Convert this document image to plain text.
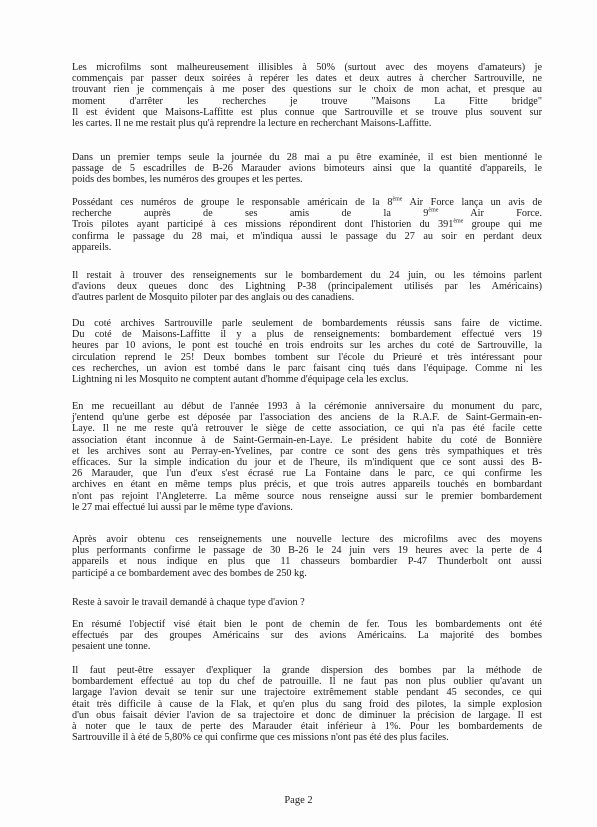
Les microfilms sont malheureusement illisibles à 50% (surtout avec des moyens d'amateurs) je
commençais par passer deux soirées à repérer les dates et deux autres à chercher Sartrouville, ne
trouvant rien je commençais à me poser des questions sur le choix de mon achat, et presque au
moment d'arrêter les recherches je trouve "Maisons La Fitte bridge"
Il est évident que Maisons-Laffitte est plus connue que Sartrouville et se trouve plus souvent sur
les cartes. Il ne me restait plus qu'à reprendre la lecture en recherchant Maisons-Laffitte.
Dans un premier temps seule la journée du 28 mai a pu être examinée, il est bien mentionné le
passage de 5 escadrilles de B-26 Marauder avions bimoteurs ainsi que la quantité d'appareils, le
poids des bombes, les numéros des groupes et les pertes.
Possédant ces numéros de groupe le responsable américain de la 8ème Air Force lança un avis de
recherche auprès de ses amis de la 9ème Air Force.
Trois pilotes ayant participé à ces missions répondirent dont l'historien du 391ème groupe qui me
confirma le passage du 28 mai, et m'indiqua aussi le passage du 27 au soir en perdant deux
appareils.
Il restait à trouver des renseignements sur le bombardement du 24 juin, ou les témoins parlent
d'avions deux queues donc des Lightning P-38 (principalement utilisés par les Américains)
d'autres parlent de Mosquito piloter par des anglais ou des canadiens.
Du coté archives Sartrouville parle seulement de bombardements réussis sans faire de victime.
Du coté de Maisons-Laffitte il y a plus de renseignements: bombardement effectué vers 19
heures par 10 avions, le pont est touché en trois endroits sur les arches du coté de Sartrouville, la
circulation reprend le 25! Deux bombes tombent sur l'école du Prieuré et très intéressant pour
ces recherches, un avion est tombé dans le parc faisant cinq tués dans l'équipage. Comme ni les
Lightning ni les Mosquito ne comptent autant d'homme d'équipage cela les exclus.
En me recueillant au début de l'année 1993 à la cérémonie anniversaire du monument du parc,
j'entend qu'une gerbe est déposée par l'association des anciens de la R.A.F. de Saint-Germain-en-
Laye. Il ne me reste qu'à retrouver le siège de cette association, ce qui n'a pas été facile cette
association étant inconnue à de Saint-Germain-en-Laye. Le président habite du coté de Bonnière
et les archives sont au Perray-en-Yvelines, par contre ce sont des gens très sympathiques et très
efficaces. Sur la simple indication du jour et de l'heure, ils m'indiquent que ce sont aussi des B-
26 Marauder, que l'un d'eux s'est écrasé rue La Fontaine dans le parc, ce qui confirme les
archives en étant en même temps plus précis, et que trois autres appareils touchés en bombardant
n'ont pas rejoint l'Angleterre. La même source nous renseigne aussi sur le premier bombardement
le 27 mai effectué lui aussi par le même type d'avions.
Après avoir obtenu ces renseignements une nouvelle lecture des microfilms avec des moyens
plus performants confirme le passage de 30 B-26 le 24 juin vers 19 heures avec la perte de 4
appareils et nous indique en plus que 11 chasseurs bombardier P-47 Thunderbolt ont aussi
participé a ce bombardement avec des bombes de 250 kg.
Reste à savoir le travail demandé à chaque type d'avion ?
En résumé l'objectif visé était bien le pont de chemin de fer. Tous les bombardements ont été
effectués par des groupes Américains sur des avions Américains. La majorité des bombes
pesaient une tonne.
Il faut peut-être essayer d'expliquer la grande dispersion des bombes par la méthode de
bombardement effectué au top du chef de patrouille. Il ne faut pas non plus oublier qu'avant un
largage l'avion devait se tenir sur une trajectoire extrêmement stable pendant 45 secondes, ce qui
était très difficile à cause de la Flak, et qu'en plus du sang froid des pilotes, la simple explosion
d'un obus faisait dévier l'avion de sa trajectoire et donc de diminuer la précision de largage. Il est
à noter que le taux de perte des Marauder était inférieur à 1%. Pour les bombardements de
Sartrouville il à été de 5,80% ce qui confirme que ces missions n'ont pas été des plus faciles.
Page 2
